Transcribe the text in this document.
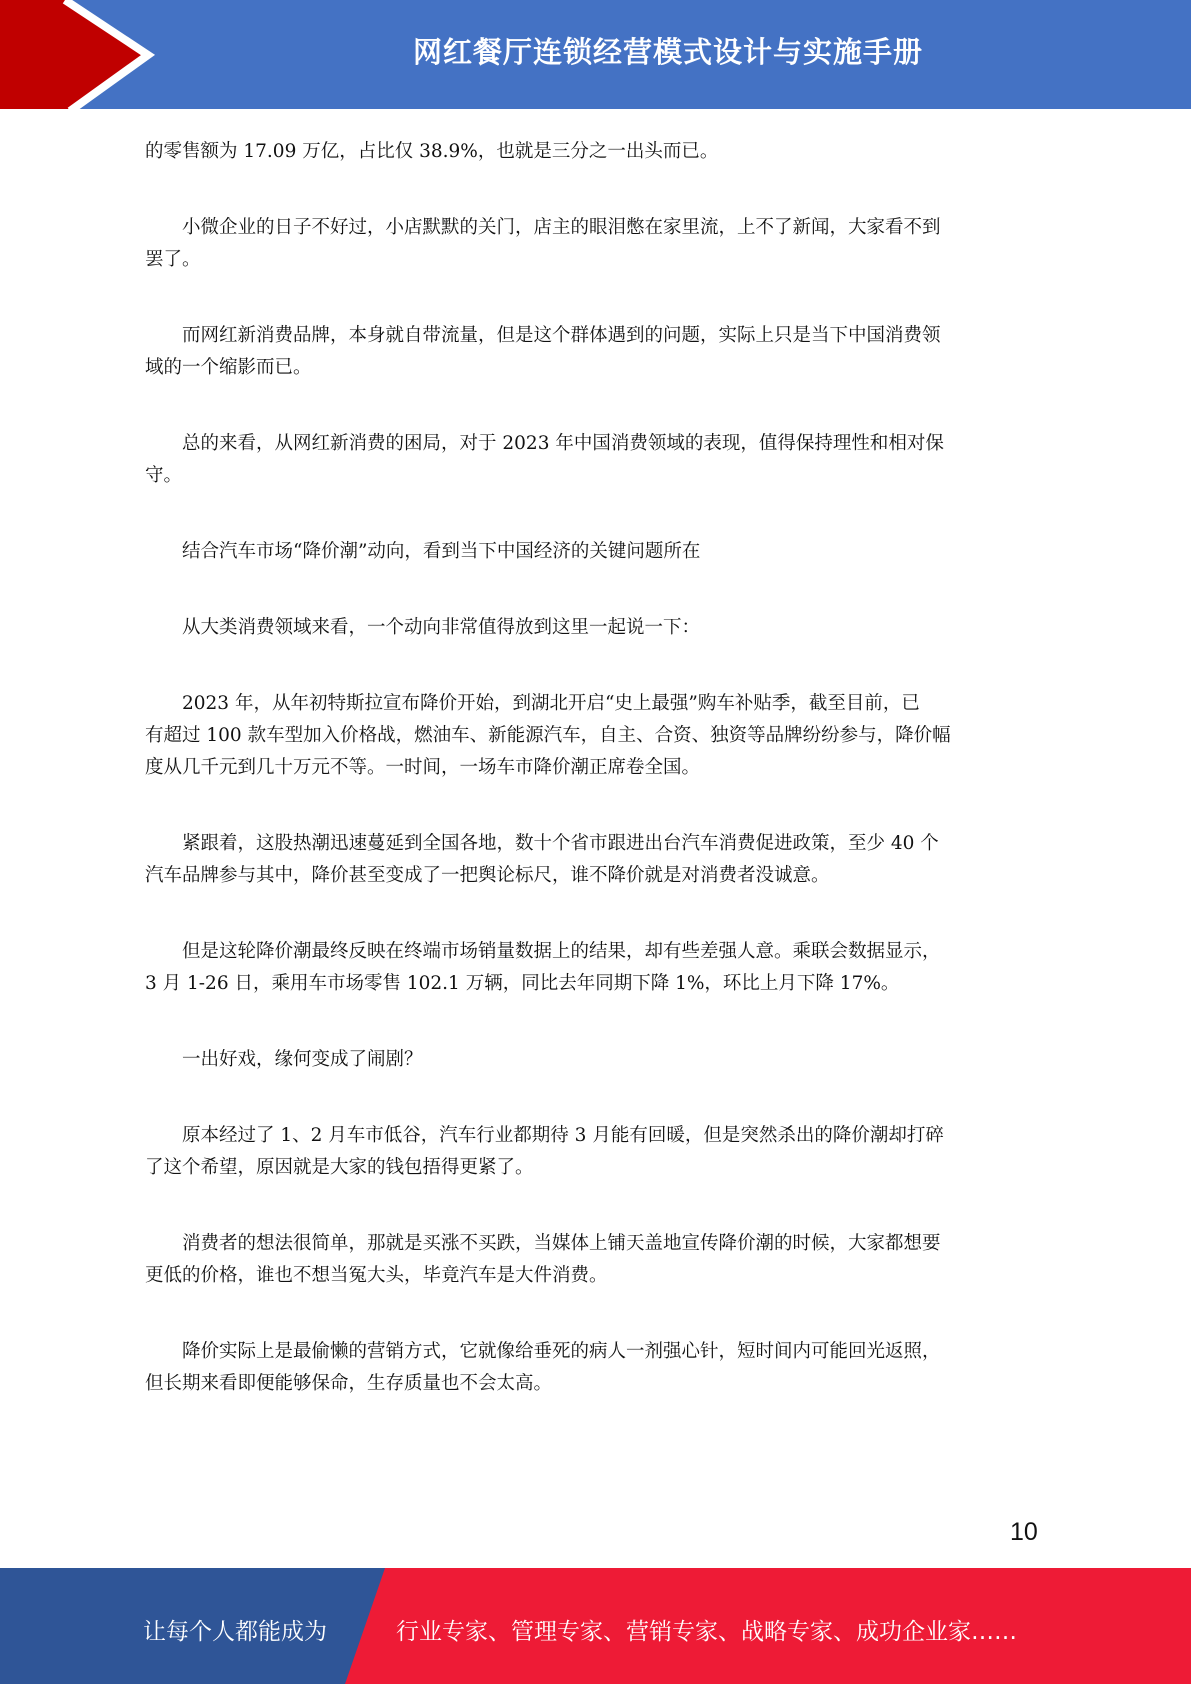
网红餐厅连锁经营模式设计与实施手册

的零售额为 17.09 万亿，占比仅 38.9%，也就是三分之一出头而已。

小微企业的日子不好过，小店默默的关门，店主的眼泪憋在家里流，上不了新闻，大家看不到
罢了。

而网红新消费品牌，本身就自带流量，但是这个群体遇到的问题，实际上只是当下中国消费领
域的一个缩影而已。

总的来看，从网红新消费的困局，对于 2023 年中国消费领域的表现，值得保持理性和相对保
守。

结合汽车市场“降价潮”动向，看到当下中国经济的关键问题所在

从大类消费领域来看，一个动向非常值得放到这里一起说一下：

2023 年，从年初特斯拉宣布降价开始，到湖北开启“史上最强”购车补贴季，截至目前，已
有超过 100 款车型加入价格战，燃油车、新能源汽车，自主、合资、独资等品牌纷纷参与，降价幅
度从几千元到几十万元不等。一时间，一场车市降价潮正席卷全国。

紧跟着，这股热潮迅速蔓延到全国各地，数十个省市跟进出台汽车消费促进政策，至少 40 个
汽车品牌参与其中，降价甚至变成了一把舆论标尺，谁不降价就是对消费者没诚意。

但是这轮降价潮最终反映在终端市场销量数据上的结果，却有些差强人意。乘联会数据显示，
3 月 1-26 日，乘用车市场零售 102.1 万辆，同比去年同期下降 1%，环比上月下降 17%。

一出好戏，缘何变成了闹剧？

原本经过了 1、2 月车市低谷，汽车行业都期待 3 月能有回暖，但是突然杀出的降价潮却打碎
了这个希望，原因就是大家的钱包捂得更紧了。

消费者的想法很简单，那就是买涨不买跌，当媒体上铺天盖地宣传降价潮的时候，大家都想要
更低的价格，谁也不想当冤大头，毕竟汽车是大件消费。

降价实际上是最偷懒的营销方式，它就像给垂死的病人一剂强心针，短时间内可能回光返照，
但长期来看即便能够保命，生存质量也不会太高。

10
让每个人都能成为	行业专家、管理专家、营销专家、战略专家、成功企业家……
